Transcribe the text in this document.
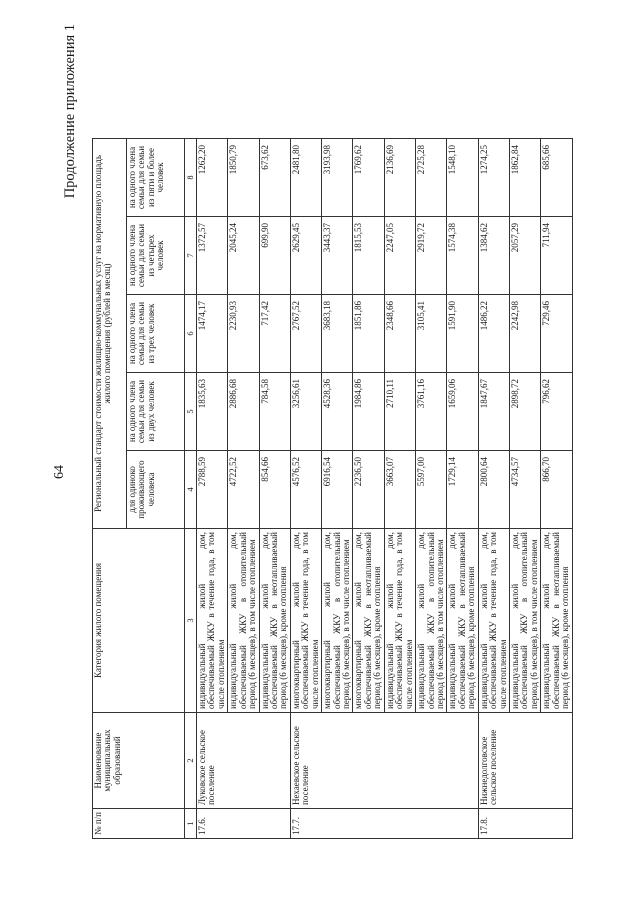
64
Продолжение приложения 1
№ п/п	Наименование муниципальных образований	Категория жилого помещения	Региональный стандарт стоимости жилищно-коммунальных услуг на нормативную площадь жилого помещения (рублей в месяц)				
			для одиноко проживающего человека	на одного члена семьи для семьи из двух человек	на одного члена семьи для семьи из трех человек	на одного члена семьи для семьи из четырех человек	на одного члена семьи для семьи из пяти и более человек
1	2	3	4	5	6	7	8
17.6.	Луковское сельское поселение	индивидуальный жилой дом, обеспечиваемый ЖКУ в течение года, в том числе отоплением	2788,59	1835,63	1474,17	1372,57	1262,20
		индивидуальный жилой дом, обеспечиваемый ЖКУ в отопительный период (6 месяцев), в том числе отоплением	4722,52	2886,68	2230,93	2045,24	1850,79
		индивидуальный жилой дом, обеспечиваемый ЖКУ в неотапливаемый период (6 месяцев), кроме отопления	854,66	784,58	717,42	699,90	673,62
17.7.	Нехаевское сельское поселение	многоквартирный жилой дом, обеспечиваемый ЖКУ в течение года, в том числе отоплением	4576,52	3256,61	2767,52	2629,45	2481,80
		многоквартирный жилой дом, обеспечиваемый ЖКУ в отопительный период (6 месяцев), в том числе отоплением	6916,54	4528,36	3683,18	3443,37	3193,98
		многоквартирный жилой дом, обеспечиваемый ЖКУ в неотапливаемый период (6 месяцев), кроме отопления	2236,50	1984,86	1851,86	1815,53	1769,62
		индивидуальный жилой дом, обеспечиваемый ЖКУ в течение года, в том числе отоплением	3663,07	2710,11	2348,66	2247,05	2136,69
		индивидуальный жилой дом, обеспечиваемый ЖКУ в отопительный период (6 месяцев), в том числе отоплением	5597,00	3761,16	3105,41	2919,72	2725,28
		индивидуальный жилой дом, обеспечиваемый ЖКУ в неотапливаемый период (6 месяцев), кроме отопления	1729,14	1659,06	1591,90	1574,38	1548,10
17.8.	Нижнедолговское сельское поселение	индивидуальный жилой дом, обеспечиваемый ЖКУ в течение года, в том числе отоплением	2800,64	1847,67	1486,22	1384,62	1274,25
		индивидуальный жилой дом, обеспечиваемый ЖКУ в отопительный период (6 месяцев), в том числе отоплением	4734,57	2898,72	2242,98	2057,29	1862,84
		индивидуальный жилой дом, обеспечиваемый ЖКУ в неотапливаемый период (6 месяцев), кроме отопления	866,70	796,62	729,46	711,94	685,66
